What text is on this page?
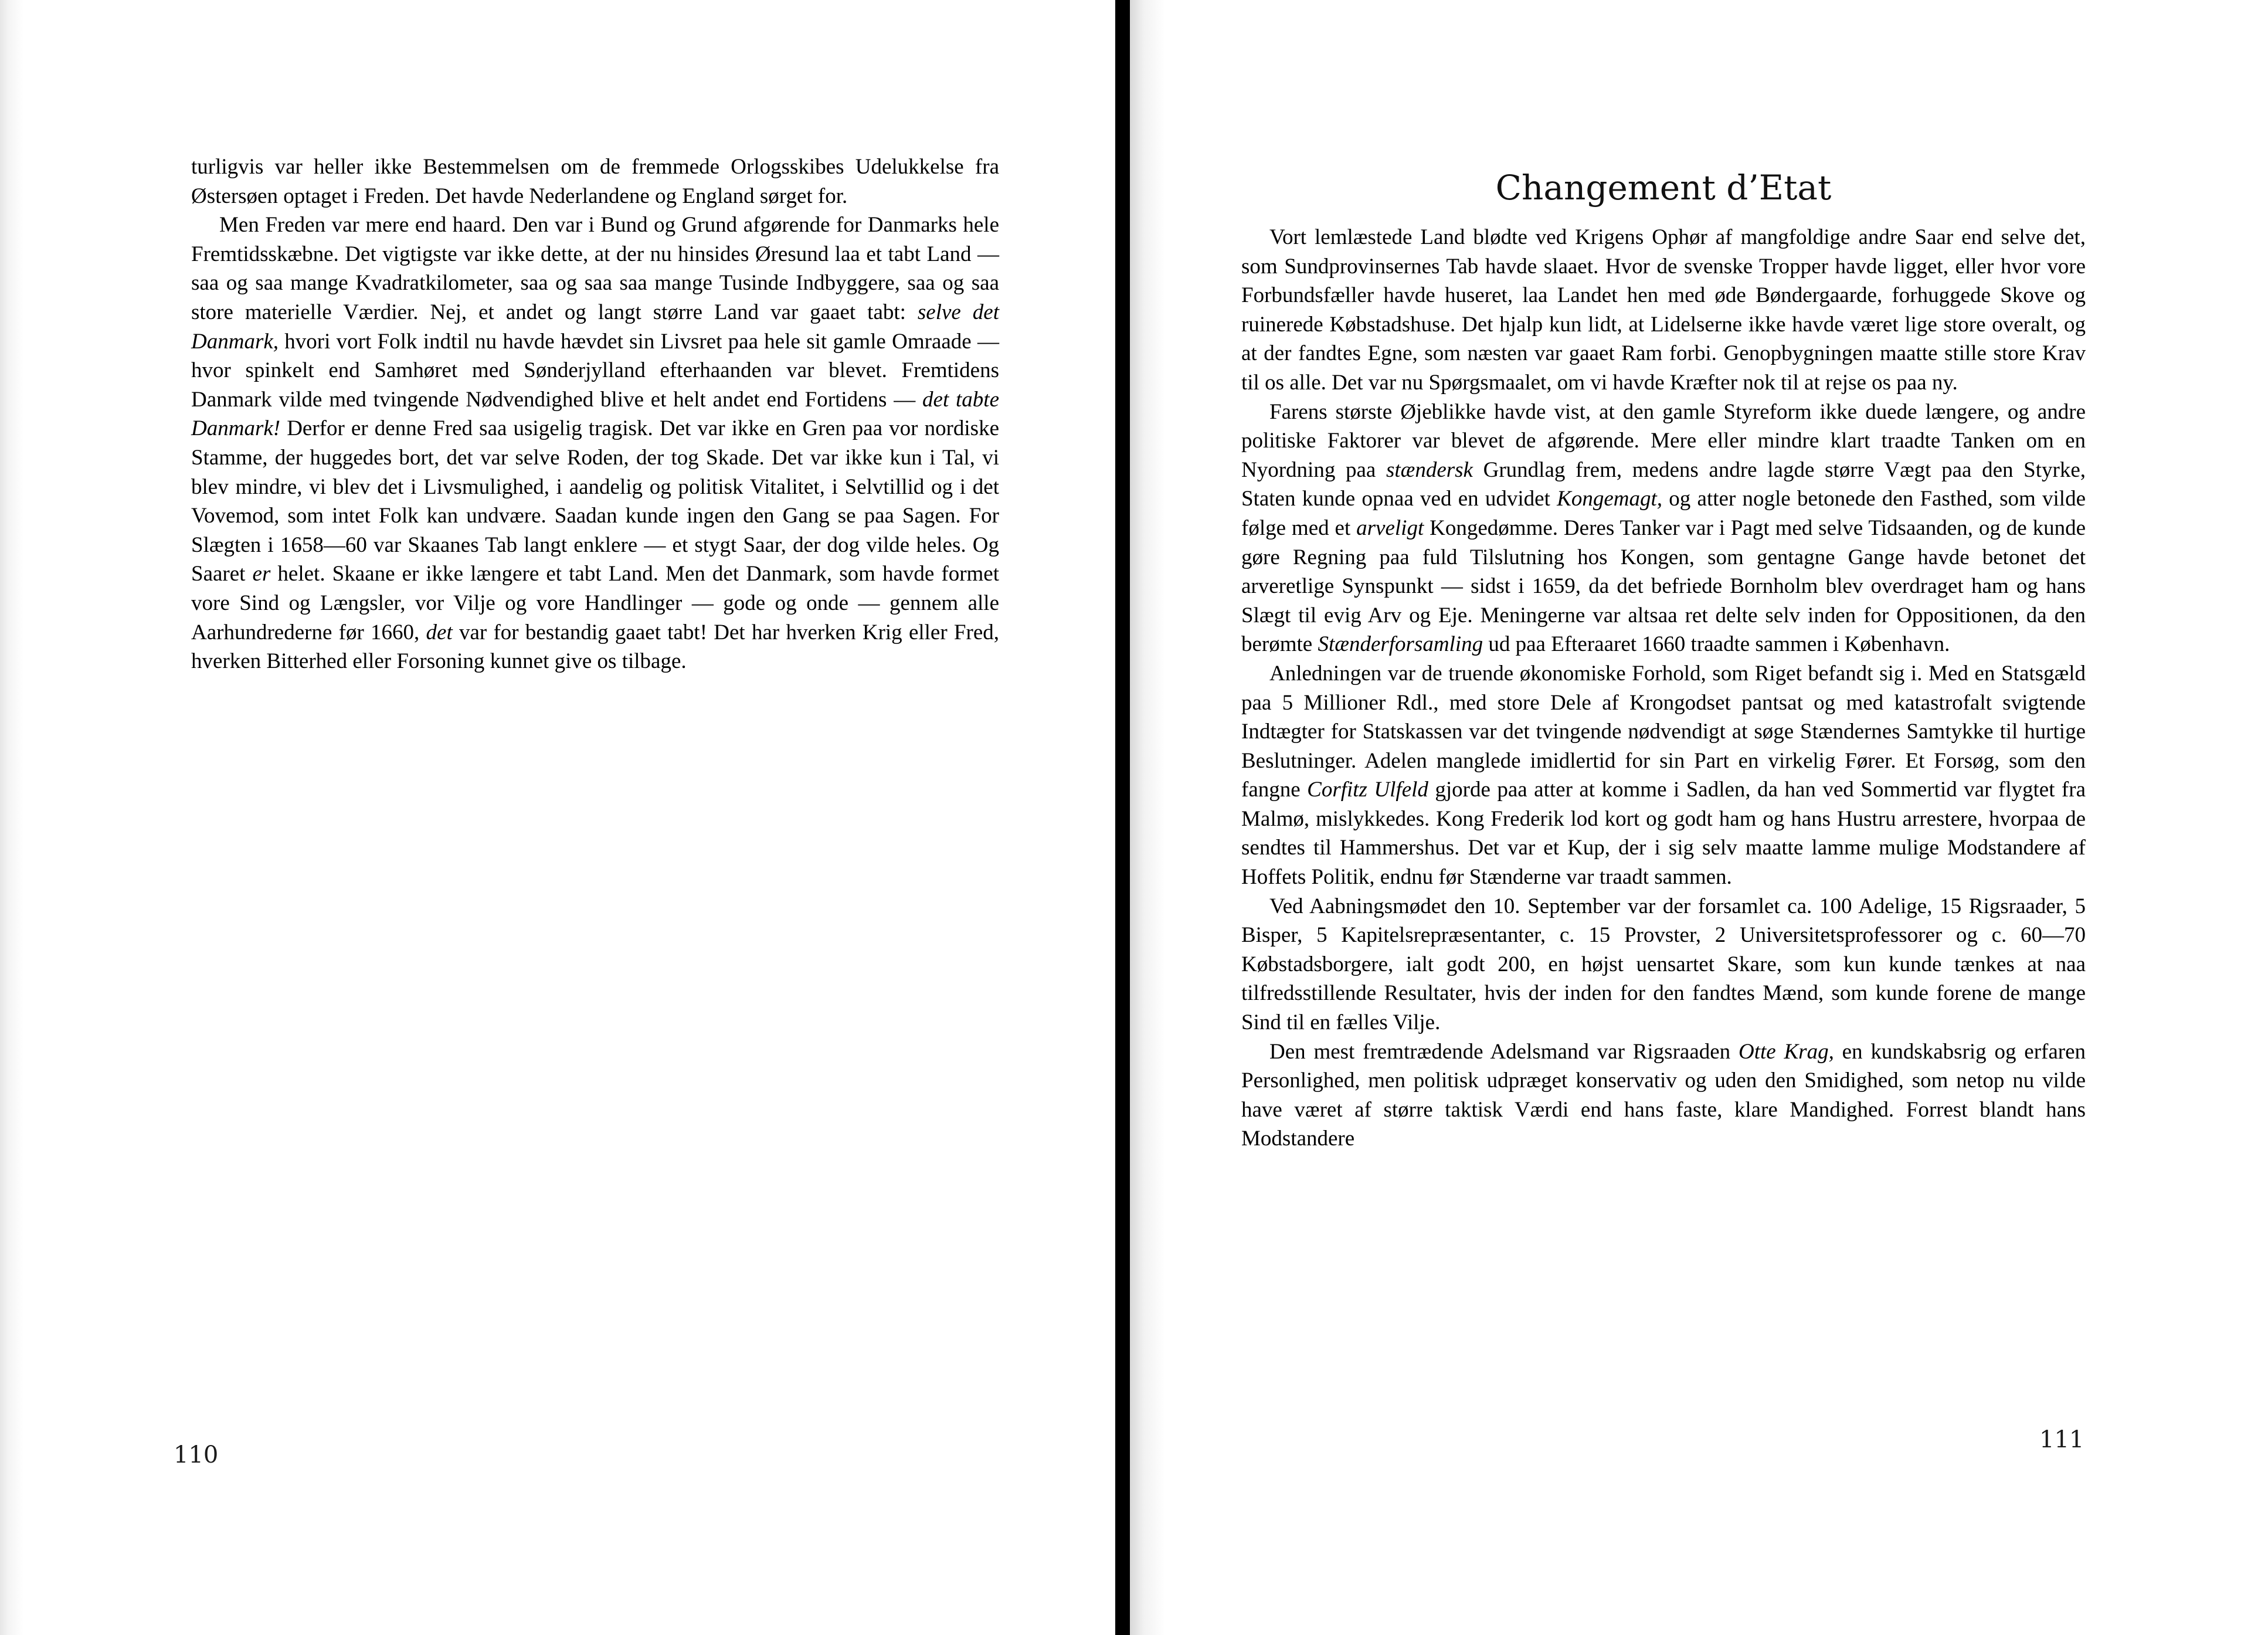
turligvis var heller ikke Bestemmelsen om de fremmede Orlogsskibes Udelukkelse fra Østersøen optaget i Freden. Det havde Nederlandene og England sørget for.

Men Freden var mere end haard. Den var i Bund og Grund afgørende for Danmarks hele Fremtidsskæbne. Det vigtigste var ikke dette, at der nu hinsides Øresund laa et tabt Land — saa og saa mange Kvadratkilometer, saa og saa saa mange Tusinde Indbyggere, saa og saa store materielle Værdier. Nej, et andet og langt større Land var gaaet tabt: selve det Danmark, hvori vort Folk indtil nu havde hævdet sin Livsret paa hele sit gamle Omraade — hvor spinkelt end Samhøret med Sønderjylland efterhaanden var blevet. Fremtidens Danmark vilde med tvingende Nødvendighed blive et helt andet end Fortidens — det tabte Danmark! Derfor er denne Fred saa usigelig tragisk. Det var ikke en Gren paa vor nordiske Stamme, der huggedes bort, det var selve Roden, der tog Skade. Det var ikke kun i Tal, vi blev mindre, vi blev det i Livsmulighed, i aandelig og politisk Vitalitet, i Selvtillid og i det Vovemod, som intet Folk kan undvære. Saadan kunde ingen den Gang se paa Sagen. For Slægten i 1658—60 var Skaanes Tab langt enklere — et stygt Saar, der dog vilde heles. Og Saaret er helet. Skaane er ikke længere et tabt Land. Men det Danmark, som havde formet vore Sind og Længsler, vor Vilje og vore Handlinger — gode og onde — gennem alle Aarhundrederne før 1660, det var for bestandig gaaet tabt! Det har hverken Krig eller Fred, hverken Bitterhed eller Forsoning kunnet give os tilbage.

Changement d’Etat

Vort lemlæstede Land blødte ved Krigens Ophør af mangfoldige andre Saar end selve det, som Sundprovinsernes Tab havde slaaet. Hvor de svenske Tropper havde ligget, eller hvor vore Forbundsfæller havde huseret, laa Landet hen med øde Bøndergaarde, forhuggede Skove og ruinerede Købstadshuse. Det hjalp kun lidt, at Lidelserne ikke havde været lige store overalt, og at der fandtes Egne, som næsten var gaaet Ram forbi. Genopbygningen maatte stille store Krav til os alle. Det var nu Spørgsmaalet, om vi havde Kræfter nok til at rejse os paa ny.

Farens største Øjeblikke havde vist, at den gamle Styreform ikke duede længere, og andre politiske Faktorer var blevet de afgørende. Mere eller mindre klart traadte Tanken om en Nyordning paa stændersk Grundlag frem, medens andre lagde større Vægt paa den Styrke, Staten kunde opnaa ved en udvidet Kongemagt, og atter nogle betonede den Fasthed, som vilde følge med et arveligt Kongedømme. Deres Tanker var i Pagt med selve Tidsaanden, og de kunde gøre Regning paa fuld Tilslutning hos Kongen, som gentagne Gange havde betonet det arveretlige Synspunkt — sidst i 1659, da det befriede Bornholm blev overdraget ham og hans Slægt til evig Arv og Eje. Meningerne var altsaa ret delte selv inden for Oppositionen, da den berømte Stænderforsamling ud paa Efteraaret 1660 traadte sammen i København.

Anledningen var de truende økonomiske Forhold, som Riget befandt sig i. Med en Statsgæld paa 5 Millioner Rdl., med store Dele af Krongodset pantsat og med katastrofalt svigtende Indtægter for Statskassen var det tvingende nødvendigt at søge Stændernes Samtykke til hurtige Beslutninger. Adelen manglede imidlertid for sin Part en virkelig Fører. Et Forsøg, som den fangne Corfitz Ulfeld gjorde paa atter at komme i Sadlen, da han ved Sommertid var flygtet fra Malmø, mislykkedes. Kong Frederik lod kort og godt ham og hans Hustru arrestere, hvorpaa de sendtes til Hammershus. Det var et Kup, der i sig selv maatte lamme mulige Modstandere af Hoffets Politik, endnu før Stænderne var traadt sammen.

Ved Aabningsmødet den 10. September var der forsamlet ca. 100 Adelige, 15 Rigsraader, 5 Bisper, 5 Kapitelsrepræsentanter, c. 15 Provster, 2 Universitetsprofessorer og c. 60—70 Købstadsborgere, ialt godt 200, en højst uensartet Skare, som kun kunde tænkes at naa tilfredsstillende Resultater, hvis der inden for den fandtes Mænd, som kunde forene de mange Sind til en fælles Vilje.

Den mest fremtrædende Adelsmand var Rigsraaden Otte Krag, en kundskabsrig og erfaren Personlighed, men politisk udpræget konservativ og uden den Smidighed, som netop nu vilde have været af større taktisk Værdi end hans faste, klare Mandighed. Forrest blandt hans Modstandere

110
111
